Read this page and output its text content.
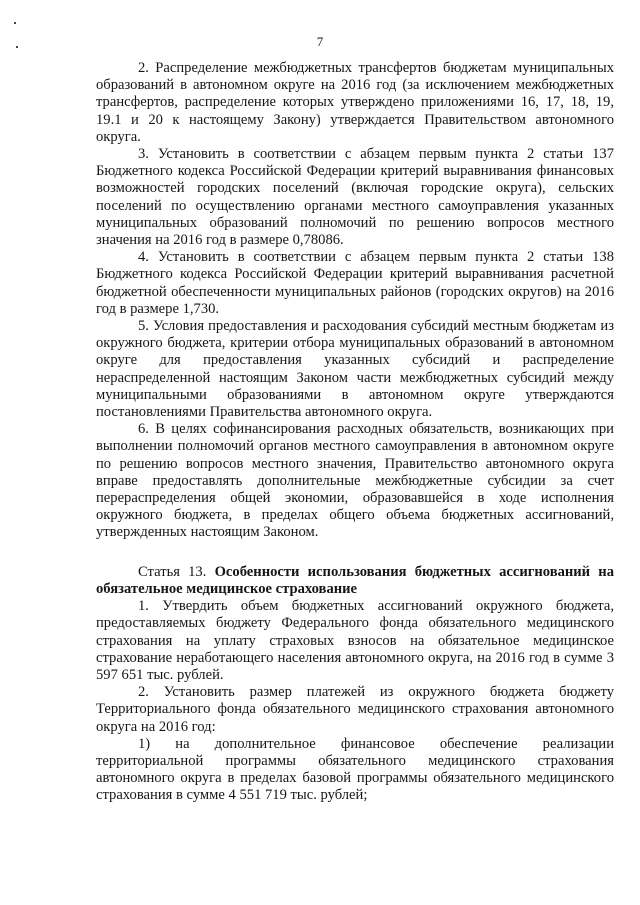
7

2. Распределение межбюджетных трансфертов бюджетам муниципальных образований в автономном округе на 2016 год (за исключением межбюджетных трансфертов, распределение которых утверждено приложениями 16, 17, 18, 19, 19.1 и 20 к настоящему Закону) утверждается Правительством автономного округа.

3. Установить в соответствии с абзацем первым пункта 2 статьи 137 Бюджетного кодекса Российской Федерации критерий выравнивания финансовых возможностей городских поселений (включая городские округа), сельских поселений по осуществлению органами местного самоуправления указанных муниципальных образований полномочий по решению вопросов местного значения на 2016 год в размере 0,78086.

4. Установить в соответствии с абзацем первым пункта 2 статьи 138 Бюджетного кодекса Российской Федерации критерий выравнивания расчетной бюджетной обеспеченности муниципальных районов (городских округов) на 2016 год в размере 1,730.

5. Условия предоставления и расходования субсидий местным бюджетам из окружного бюджета, критерии отбора муниципальных образований в автономном округе для предоставления указанных субсидий и распределение нераспределенной настоящим Законом части межбюджетных субсидий между муниципальными образованиями в автономном округе утверждаются постановлениями Правительства автономного округа.

6. В целях софинансирования расходных обязательств, возникающих при выполнении полномочий органов местного самоуправления в автономном округе по решению вопросов местного значения, Правительство автономного округа вправе предоставлять дополнительные межбюджетные субсидии за счет перераспределения общей экономии, образовавшейся в ходе исполнения окружного бюджета, в пределах общего объема бюджетных ассигнований, утвержденных настоящим Законом.

Статья 13. Особенности использования бюджетных ассигнований на обязательное медицинское страхование

1. Утвердить объем бюджетных ассигнований окружного бюджета, предоставляемых бюджету Федерального фонда обязательного медицинского страхования на уплату страховых взносов на обязательное медицинское страхование неработающего населения автономного округа, на 2016 год в сумме 3 597 651 тыс. рублей.

2. Установить размер платежей из окружного бюджета бюджету Территориального фонда обязательного медицинского страхования автономного округа на 2016 год:

1) на дополнительное финансовое обеспечение реализации территориальной программы обязательного медицинского страхования автономного округа в пределах базовой программы обязательного медицинского страхования в сумме 4 551 719 тыс. рублей;
